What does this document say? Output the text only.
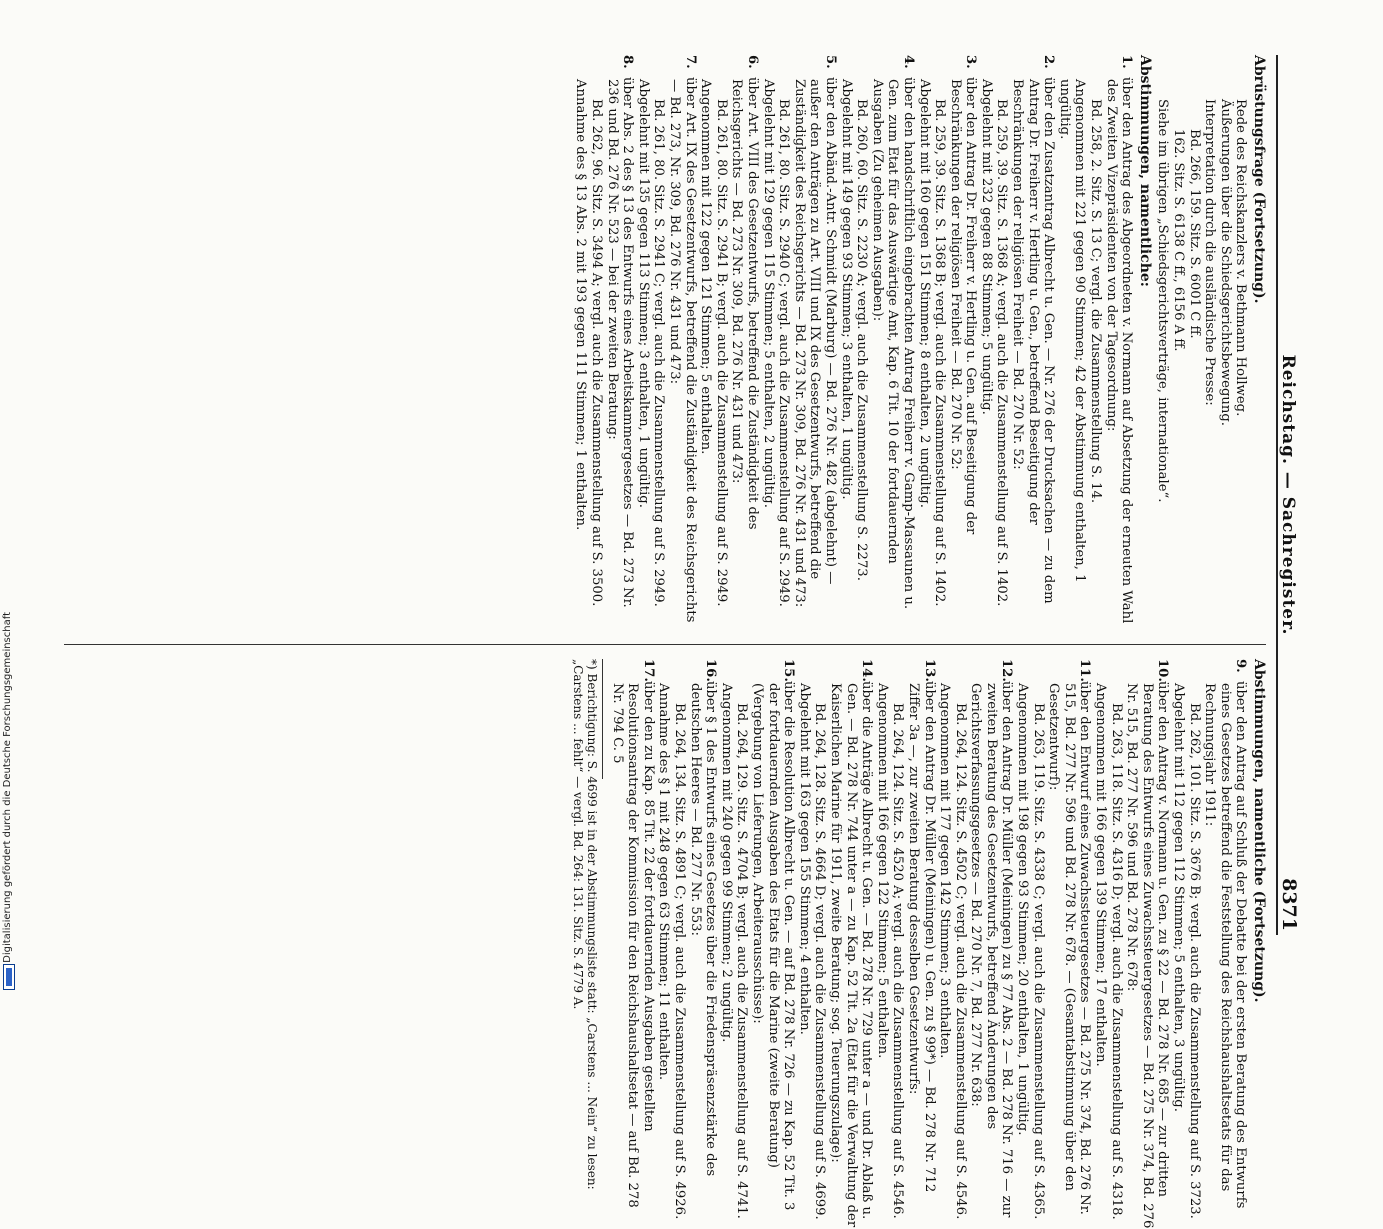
Reichstag. — Sachregister.
8371

Abrüstungsfrage (Fortsetzung).

Rede des Reichskanzlers v. Bethmann Hollweg.

Äußerungen über die Schiedsgerichtsbewegung.

Interpretation durch die ausländische Presse:

Bd. 266, 159. Sitz. S. 6001 C ff.

162. Sitz. S. 6138 C ff., 6156 A ff.

Siehe im übrigen „Schiedsgerichtsverträge, internationale“.

Abstimmungen, namentliche:

1.über den Antrag des Abgeordneten v. Normann auf Absetzung der erneuten Wahl des Zweiten Vizepräsidenten von der Tagesordnung:

Bd. 258, 2. Sitz. S. 13 C; vergl. die Zusammenstellung S. 14.

Angenommen mit 221 gegen 90 Stimmen; 42 der Abstimmung enthalten, 1 ungültig.

2.über den Zusatzantrag Albrecht u. Gen. — Nr. 276 der Drucksachen — zu dem Antrag Dr. Freiherr v. Hertling u. Gen., betreffend Beseitigung der Beschränkungen der religiösen Freiheit — Bd. 270 Nr. 52:

Bd. 259, 39. Sitz. S. 1368 A; vergl. auch die Zusammenstellung auf S. 1402.

Abgelehnt mit 232 gegen 88 Stimmen; 5 ungültig.

3.über den Antrag Dr. Freiherr v. Hertling u. Gen. auf Beseitigung der Beschränkungen der religiösen Freiheit — Bd. 270 Nr. 52:

Bd. 259, 39. Sitz. S. 1368 B; vergl. auch die Zusammenstellung auf S. 1402.

Abgelehnt mit 160 gegen 151 Stimmen; 8 enthalten, 2 ungültig.

4.über den handschriftlich eingebrachten Antrag Freiherr v. Gamp-Massaunen u. Gen. zum Etat für das Auswärtige Amt, Kap. 6 Tit. 10 der fortdauernden Ausgaben (Zu geheimen Ausgaben):

Bd. 260, 60. Sitz. S. 2230 A; vergl. auch die Zusammenstellung S. 2273.

Abgelehnt mit 149 gegen 93 Stimmen; 3 enthalten, 1 ungültig.

5.über den Abänd.-Antr. Schmidt (Marburg) — Bd. 276 Nr. 482 (abgelehnt) — außer den Anträgen zu Art. VIII und IX des Gesetzentwurfs, betreffend die Zuständigkeit des Reichsgerichts — Bd. 273 Nr. 309, Bd. 276 Nr. 431 und 473:

Bd. 261, 80. Sitz. S. 2940 C; vergl. auch die Zusammenstellung auf S. 2949.

Abgelehnt mit 129 gegen 115 Stimmen; 5 enthalten, 2 ungültig.

6.über Art. VIII des Gesetzentwurfs, betreffend die Zuständigkeit des Reichsgerichts — Bd. 273 Nr. 309, Bd. 276 Nr. 431 und 473:

Bd. 261, 80. Sitz. S. 2941 B; vergl. auch die Zusammenstellung auf S. 2949.

Angenommen mit 122 gegen 121 Stimmen; 5 enthalten.

7.über Art. IX des Gesetzentwurfs, betreffend die Zuständigkeit des Reichsgerichts — Bd. 273, Nr. 309, Bd. 276 Nr. 431 und 473:

Bd. 261, 80. Sitz. S. 2941 C; vergl. auch die Zusammenstellung auf S. 2949.

Abgelehnt mit 135 gegen 113 Stimmen; 3 enthalten, 1 ungültig.

8.über Abs. 2 des § 13 des Entwurfs eines Arbeitskammergesetzes — Bd. 273 Nr. 236 und Bd. 276 Nr. 523 — bei der zweiten Beratung:

Bd. 262, 96. Sitz. S. 3494 A; vergl. auch die Zusammenstellung auf S. 3500.

Annahme des § 13 Abs. 2 mit 193 gegen 111 Stimmen; 1 enthalten.

Abstimmungen, namentliche (Fortsetzung).

9.über den Antrag auf Schluß der Debatte bei der ersten Beratung des Entwurfs eines Gesetzes betreffend die Feststellung des Reichshaushaltsetats für das Rechnungsjahr 1911:

Bd. 262, 101. Sitz. S. 3676 B; vergl. auch die Zusammenstellung auf S. 3723.

Abgelehnt mit 112 gegen 112 Stimmen; 5 enthalten, 3 ungültig.

10.über den Antrag v. Normann u. Gen. zu § 22 — Bd. 278 Nr. 685 — zur dritten Beratung des Entwurfs eines Zuwachssteuergesetzes — Bd. 275 Nr. 374, Bd. 276 Nr. 515, Bd. 277 Nr. 596 und Bd. 278 Nr. 678:

Bd. 263, 118. Sitz. S. 4316 D; vergl. auch die Zusammenstellung auf S. 4318.

Angenommen mit 166 gegen 139 Stimmen; 17 enthalten.

11.über den Entwurf eines Zuwachssteuergesetzes — Bd. 275 Nr. 374, Bd. 276 Nr. 515, Bd. 277 Nr. 596 und Bd. 278 Nr. 678. — (Gesamtabstimmung über den Gesetzentwurf):

Bd. 263, 119. Sitz. S. 4338 C; vergl. auch die Zusammenstellung auf S. 4365.

Angenommen mit 198 gegen 93 Stimmen; 20 enthalten, 1 ungültig.

12.über den Antrag Dr. Müller (Meiningen) zu § 77 Abs. 2 — Bd. 278 Nr. 716 — zur zweiten Beratung des Gesetzentwurfs, betreffend Änderungen des Gerichtsverfassungsgesetzes — Bd. 270 Nr. 7, Bd. 277 Nr. 638:

Bd. 264, 124. Sitz. S. 4502 C; vergl. auch die Zusammenstellung auf S. 4546.

Angenommen mit 177 gegen 142 Stimmen; 3 enthalten.

13.über den Antrag Dr. Müller (Meiningen) u. Gen. zu § 99*) — Bd. 278 Nr. 712 Ziffer 3a —, zur zweiten Beratung desselben Gesetzentwurfs:

Bd. 264, 124. Sitz. S. 4520 A; vergl. auch die Zusammenstellung auf S. 4546.

Angenommen mit 166 gegen 122 Stimmen; 5 enthalten.

14.über die Anträge Albrecht u. Gen. — Bd. 278 Nr. 729 unter a — und Dr. Ablaß u. Gen. — Bd. 278 Nr. 744 unter a — zu Kap. 52 Tit. 2a (Etat für die Verwaltung der Kaiserlichen Marine für 1911, zweite Beratung; sog. Teuerungszulage):

Bd. 264, 128. Sitz. S. 4664 D; vergl. auch die Zusammenstellung auf S. 4699.

Abgelehnt mit 163 gegen 155 Stimmen; 4 enthalten.

15.über die Resolution Albrecht u. Gen. — auf Bd. 278 Nr. 726 — zu Kap. 52 Tit. 3 der fortdauernden Ausgaben des Etats für die Marine (zweite Beratung) (Vergebung von Lieferungen, Arbeiterausschüsse):

Bd. 264, 129. Sitz. S. 4704 B; vergl. auch die Zusammenstellung auf S. 4741.

Angenommen mit 240 gegen 99 Stimmen; 2 ungültig.

16.über § 1 des Entwurfs eines Gesetzes über die Friedenspräsenzstärke des deutschen Heeres — Bd. 277 Nr. 553:

Bd. 264, 134. Sitz. S. 4891 C; vergl. auch die Zusammenstellung auf S. 4926.

Annahme des § 1 mit 248 gegen 63 Stimmen; 11 enthalten.

17.über den zu Kap. 85 Tit. 22 der fortdauernden Ausgaben gestellten Resolutionsantrag der Kommission für den Reichshaushaltsetat — auf Bd. 278 Nr. 794 C. 5

*) Berichtigung: S. 4699 ist in der Abstimmungsliste statt: „Carstens ... Nein“ zu lesen: „Carstens ... fehlt“ — vergl. Bd. 264: 131. Sitz. S. 4779 A.

Digitalisierung gefördert durch die Deutsche Forschungsgemeinschaft
